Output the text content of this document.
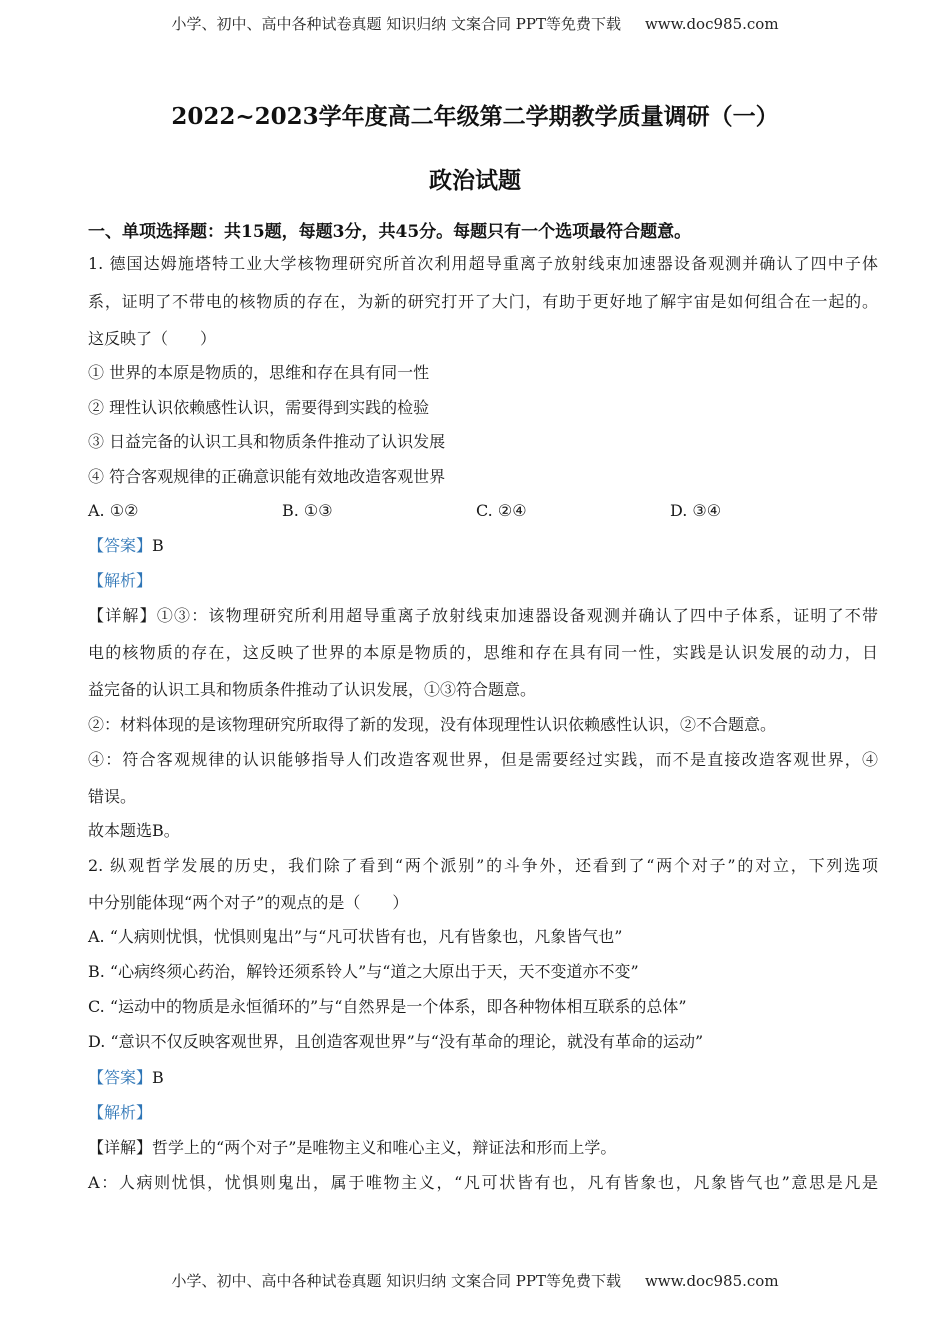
小学、初中、高中各种试卷真题 知识归纳 文案合同 PPT等免费下载 www.doc985.com
2022~2023学年度高二年级第二学期教学质量调研（一）
政治试题
一、单项选择题：共15题，每题3分，共45分。每题只有一个选项最符合题意。
1. 德国达姆施塔特工业大学核物理研究所首次利用超导重离子放射线束加速器设备观测并确认了四中子体
系，证明了不带电的核物质的存在，为新的研究打开了大门，有助于更好地了解宇宙是如何组合在一起的。
这反映了（　　）
① 世界的本原是物质的，思维和存在具有同一性
② 理性认识依赖感性认识，需要得到实践的检验
③ 日益完备的认识工具和物质条件推动了认识发展
④ 符合客观规律的正确意识能有效地改造客观世界
A. ①②	B. ①③	C. ②④	D. ③④
【答案】B
【解析】
【详解】①③：该物理研究所利用超导重离子放射线束加速器设备观测并确认了四中子体系，证明了不带
电的核物质的存在，这反映了世界的本原是物质的，思维和存在具有同一性，实践是认识发展的动力，日
益完备的认识工具和物质条件推动了认识发展，①③符合题意。
②：材料体现的是该物理研究所取得了新的发现，没有体现理性认识依赖感性认识，②不合题意。
④：符合客观规律的认识能够指导人们改造客观世界，但是需要经过实践，而不是直接改造客观世界，④
错误。
故本题选B。
2. 纵观哲学发展的历史，我们除了看到“两个派别”的斗争外，还看到了“两个对子”的对立，下列选项
中分别能体现“两个对子”的观点的是（　　）
A. “人病则忧惧，忧惧则鬼出”与“凡可状皆有也，凡有皆象也，凡象皆气也”
B. “心病终须心药治，解铃还须系铃人”与“道之大原出于天，天不变道亦不变”
C. “运动中的物质是永恒循环的”与“自然界是一个体系，即各种物体相互联系的总体”
D. “意识不仅反映客观世界，且创造客观世界”与“没有革命的理论，就没有革命的运动”
【答案】B
【解析】
【详解】哲学上的“两个对子”是唯物主义和唯心主义，辩证法和形而上学。
A：人病则忧惧，忧惧则鬼出，属于唯物主义，“凡可状皆有也，凡有皆象也，凡象皆气也”意思是凡是
小学、初中、高中各种试卷真题 知识归纳 文案合同 PPT等免费下载 www.doc985.com
